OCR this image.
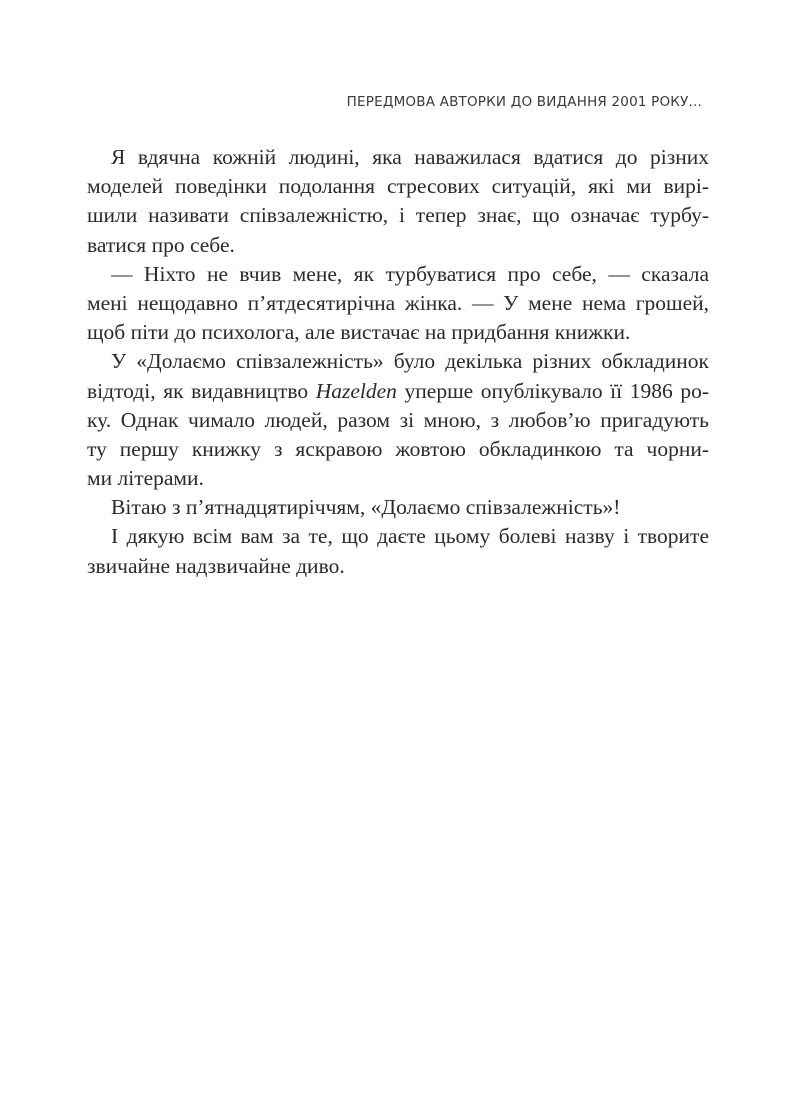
ПЕРЕДМОВА АВТОРКИ ДО ВИДАННЯ 2001 РОКУ...
Я вдячна кожній людині, яка наважилася вдатися до різних
моделей поведінки подолання стресових ситуацій, які ми вирі-
шили називати співзалежністю, і тепер знає, що означає турбу-
ватися про себе.
— Ніхто не вчив мене, як турбуватися про себе, — сказала
мені нещодавно п’ятдесятирічна жінка. — У мене нема грошей,
щоб піти до психолога, але вистачає на придбання книжки.
У «Долаємо співзалежність» було декілька різних обкладинок
відтоді, як видавництво Hazelden уперше опублікувало її 1986 ро-
ку. Однак чимало людей, разом зі мною, з любов’ю пригадують
ту першу книжку з яскравою жовтою обкладинкою та чорни-
ми літерами.
Вітаю з п’ятнадцятиріччям, «Долаємо співзалежність»!
І дякую всім вам за те, що даєте цьому болеві назву і творите
звичайне надзвичайне диво.
